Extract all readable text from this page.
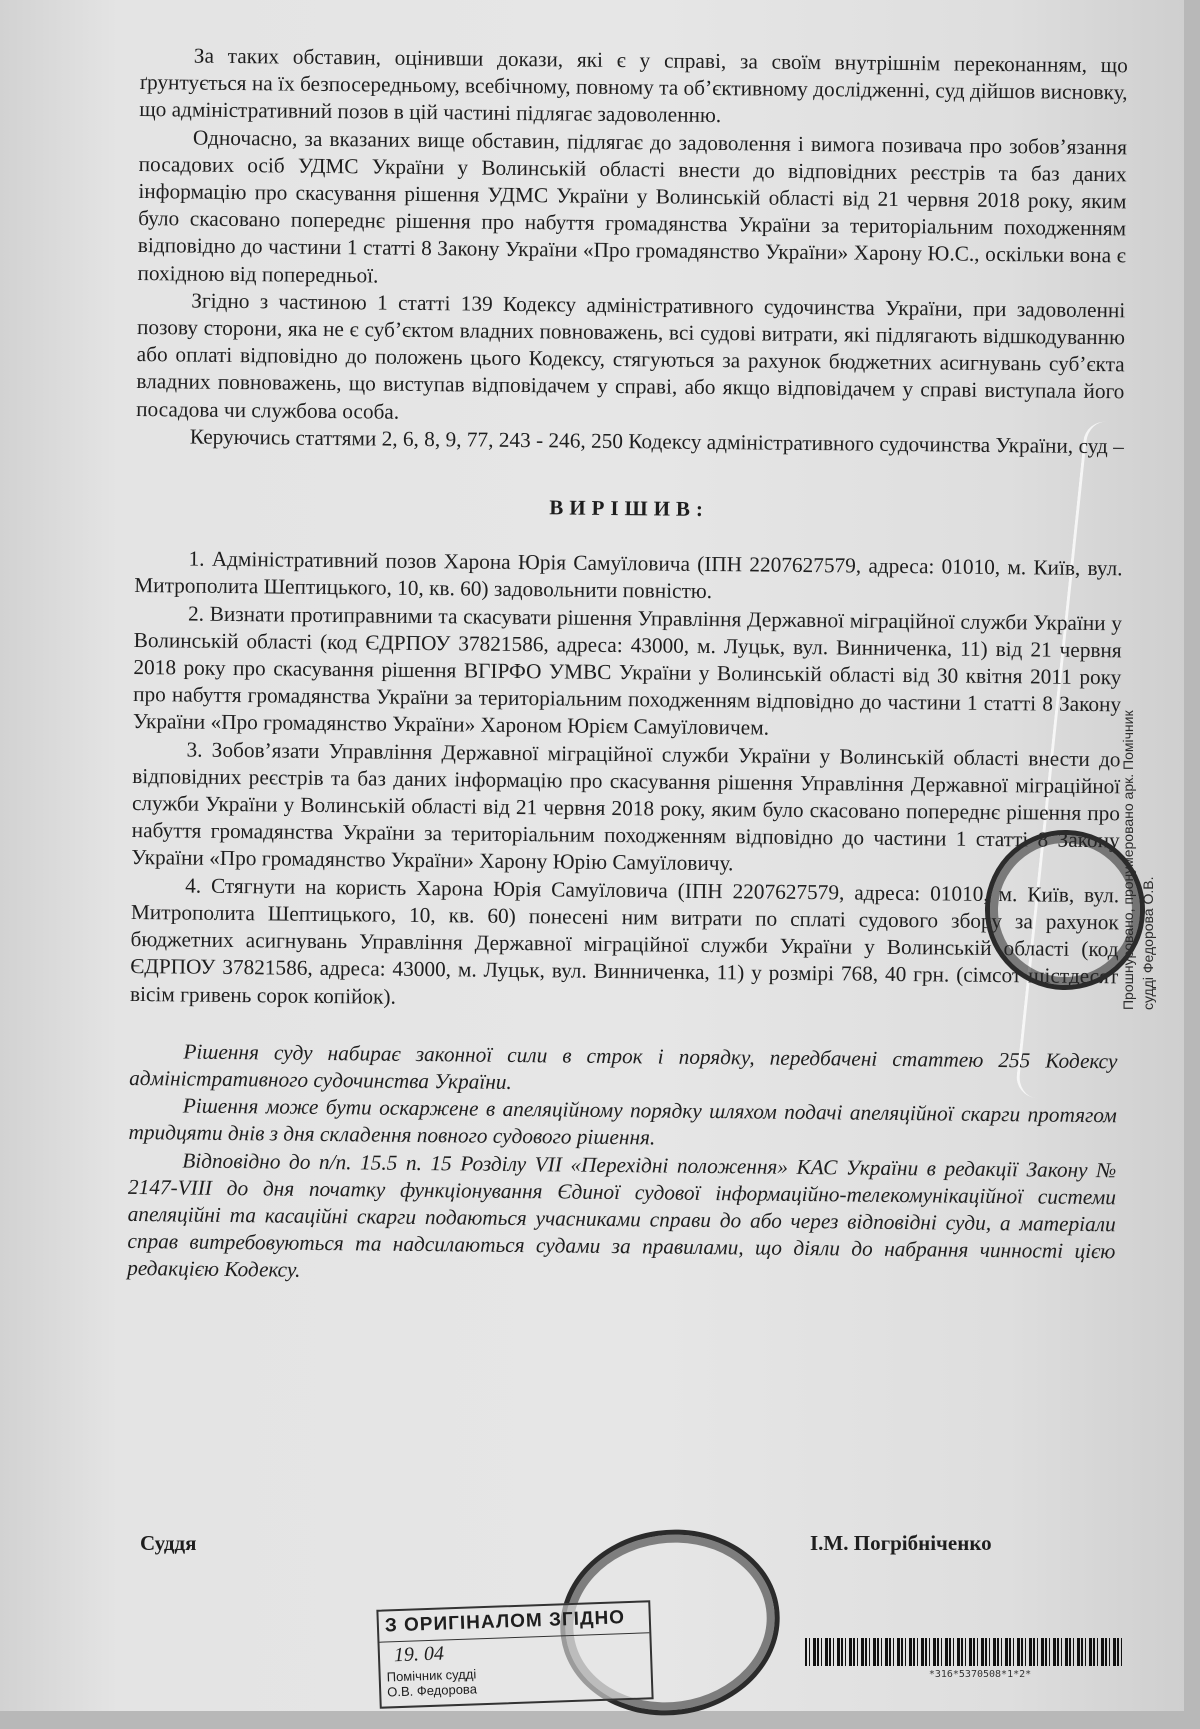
За таких обставин, оцінивши докази, які є у справі, за своїм внутрішнім переконанням, що ґрунтується на їх безпосередньому, всебічному, повному та об’єктивному дослідженні, суд дійшов висновку, що адміністративний позов в цій частині підлягає задоволенню.

Одночасно, за вказаних вище обставин, підлягає до задоволення і вимога позивача про зобов’язання посадових осіб УДМС України у Волинській області внести до відповідних реєстрів та баз даних інформацію про скасування рішення УДМС України у Волинській області від 21 червня 2018 року, яким було скасовано попереднє рішення про набуття громадянства України за територіальним походженням відповідно до частини 1 статті 8 Закону України «Про громадянство України» Харону Ю.С., оскільки вона є похідною від попередньої.

Згідно з частиною 1 статті 139 Кодексу адміністративного судочинства України, при задоволенні позову сторони, яка не є суб’єктом владних повноважень, всі судові витрати, які підлягають відшкодуванню або оплаті відповідно до положень цього Кодексу, стягуються за рахунок бюджетних асигнувань суб’єкта владних повноважень, що виступав відповідачем у справі, або якщо відповідачем у справі виступала його посадова чи службова особа.

Керуючись статтями 2, 6, 8, 9, 77, 243 - 246, 250 Кодексу адміністративного судочинства України, суд –

ВИРІШИВ:

1. Адміністративний позов Харона Юрія Самуїловича (ІПН 2207627579, адреса: 01010, м. Київ, вул. Митрополита Шептицького, 10, кв. 60) задовольнити повністю.

2. Визнати протиправними та скасувати рішення Управління Державної міграційної служби України у Волинській області (код ЄДРПОУ 37821586, адреса: 43000, м. Луцьк, вул. Винниченка, 11) від 21 червня 2018 року про скасування рішення ВГІРФО УМВС України у Волинській області від 30 квітня 2011 року про набуття громадянства України за територіальним походженням відповідно до частини 1 статті 8 Закону України «Про громадянство України» Хароном Юрієм Самуїловичем.

3. Зобов’язати Управління Державної міграційної служби України у Волинській області внести до відповідних реєстрів та баз даних інформацію про скасування рішення Управління Державної міграційної служби України у Волинській області від 21 червня 2018 року, яким було скасовано попереднє рішення про набуття громадянства України за територіальним походженням відповідно до частини 1 статті 8 Закону України «Про громадянство України» Харону Юрію Самуїловичу.

4. Стягнути на користь Харона Юрія Самуїловича (ІПН 2207627579, адреса: 01010, м. Київ, вул. Митрополита Шептицького, 10, кв. 60) понесені ним витрати по сплаті судового збору за рахунок бюджетних асигнувань Управління Державної міграційної служби України у Волинській області (код ЄДРПОУ 37821586, адреса: 43000, м. Луцьк, вул. Винниченка, 11) у розмірі 768, 40 грн. (сімсот шістдесят вісім гривень сорок копійок).

Рішення суду набирає законної сили в строк і порядку, передбачені статтею 255 Кодексу адміністративного судочинства України.

Рішення може бути оскаржене в апеляційному порядку шляхом подачі апеляційної скарги протягом тридцяти днів з дня складення повного судового рішення.

Відповідно до п/п. 15.5 п. 15 Розділу VII «Перехідні положення» КАС України в редакції Закону № 2147-VIII до дня початку функціонування Єдиної судової інформаційно-телекомунікаційної системи апеляційні та касаційні скарги подаються учасниками справи до або через відповідні суди, а матеріали справ витребовуються та надсилаються судами за правилами, що діяли до набрання чинності цією редакцією Кодексу.

Суддя	І.М. Погрібніченко
З ОРИГІНАЛОМ ЗГІДНО
19. 04
Помічник судді
О.В. Федорова
Прошнуровано, пронумеровано арк. Помічник судді Федорова О.В.
*316*5370508*1*2*
